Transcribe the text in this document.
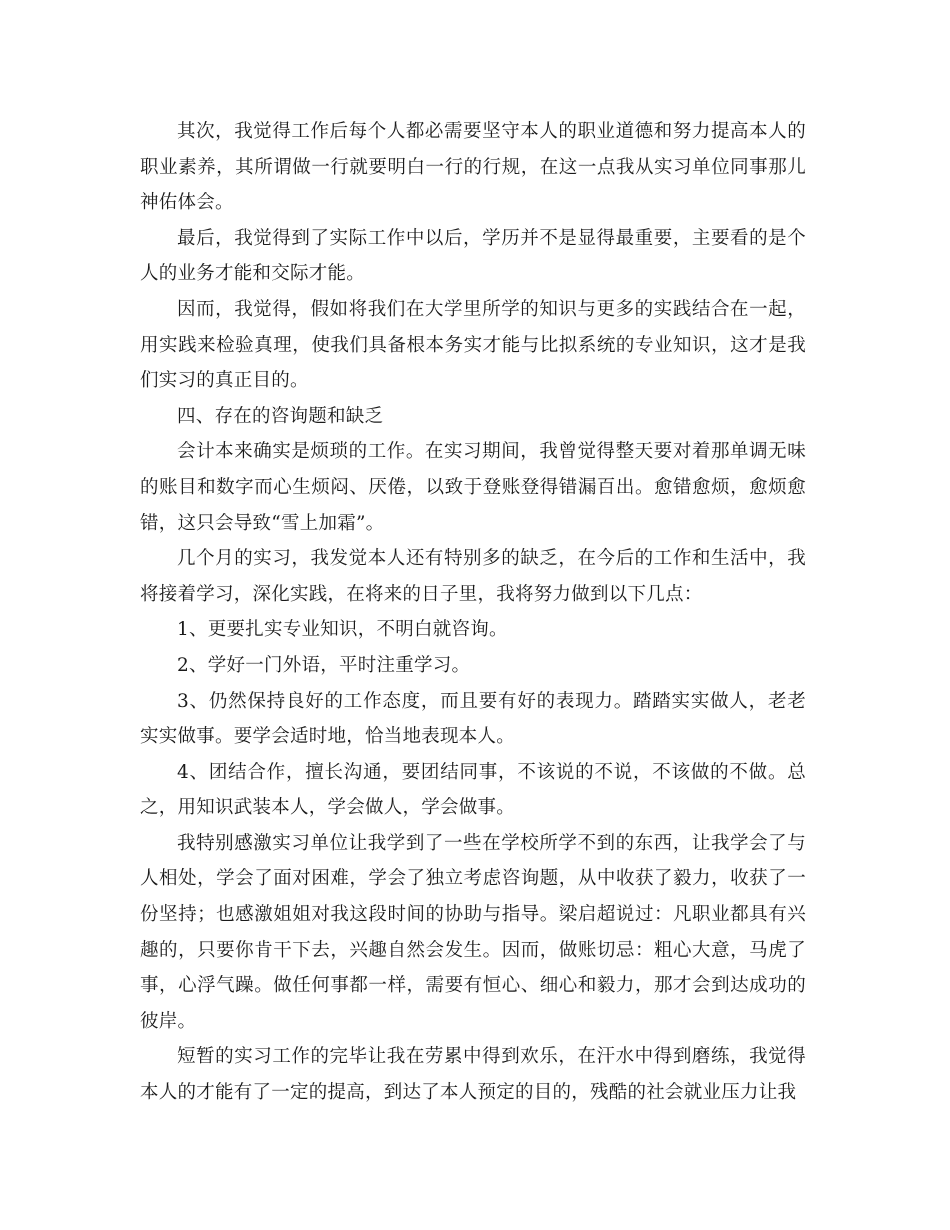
其次，我觉得工作后每个人都必需要坚守本人的职业道德和努力提高本人的职业素养，其所谓做一行就要明白一行的行规，在这一点我从实习单位同事那儿神佑体会。

最后，我觉得到了实际工作中以后，学历并不是显得最重要，主要看的是个人的业务才能和交际才能。

因而，我觉得，假如将我们在大学里所学的知识与更多的实践结合在一起，用实践来检验真理，使我们具备根本务实才能与比拟系统的专业知识，这才是我们实习的真正目的。

四、存在的咨询题和缺乏

会计本来确实是烦琐的工作。在实习期间，我曾觉得整天要对着那单调无味的账目和数字而心生烦闷、厌倦，以致于登账登得错漏百出。愈错愈烦，愈烦愈错，这只会导致“雪上加霜”。

几个月的实习，我发觉本人还有特别多的缺乏，在今后的工作和生活中，我将接着学习，深化实践，在将来的日子里，我将努力做到以下几点：

1、更要扎实专业知识，不明白就咨询。

2、学好一门外语，平时注重学习。

3、仍然保持良好的工作态度，而且要有好的表现力。踏踏实实做人，老老实实做事。要学会适时地，恰当地表现本人。

4、团结合作，擅长沟通，要团结同事，不该说的不说，不该做的不做。总之，用知识武装本人，学会做人，学会做事。

我特别感激实习单位让我学到了一些在学校所学不到的东西，让我学会了与人相处，学会了面对困难，学会了独立考虑咨询题，从中收获了毅力，收获了一份坚持；也感激姐姐对我这段时间的协助与指导。梁启超说过：凡职业都具有兴趣的，只要你肯干下去，兴趣自然会发生。因而，做账切忌：粗心大意，马虎了事，心浮气躁。做任何事都一样，需要有恒心、细心和毅力，那才会到达成功的彼岸。

短暂的实习工作的完毕让我在劳累中得到欢乐，在汗水中得到磨练，我觉得本人的才能有了一定的提高，到达了本人预定的目的，残酷的社会就业压力让我
